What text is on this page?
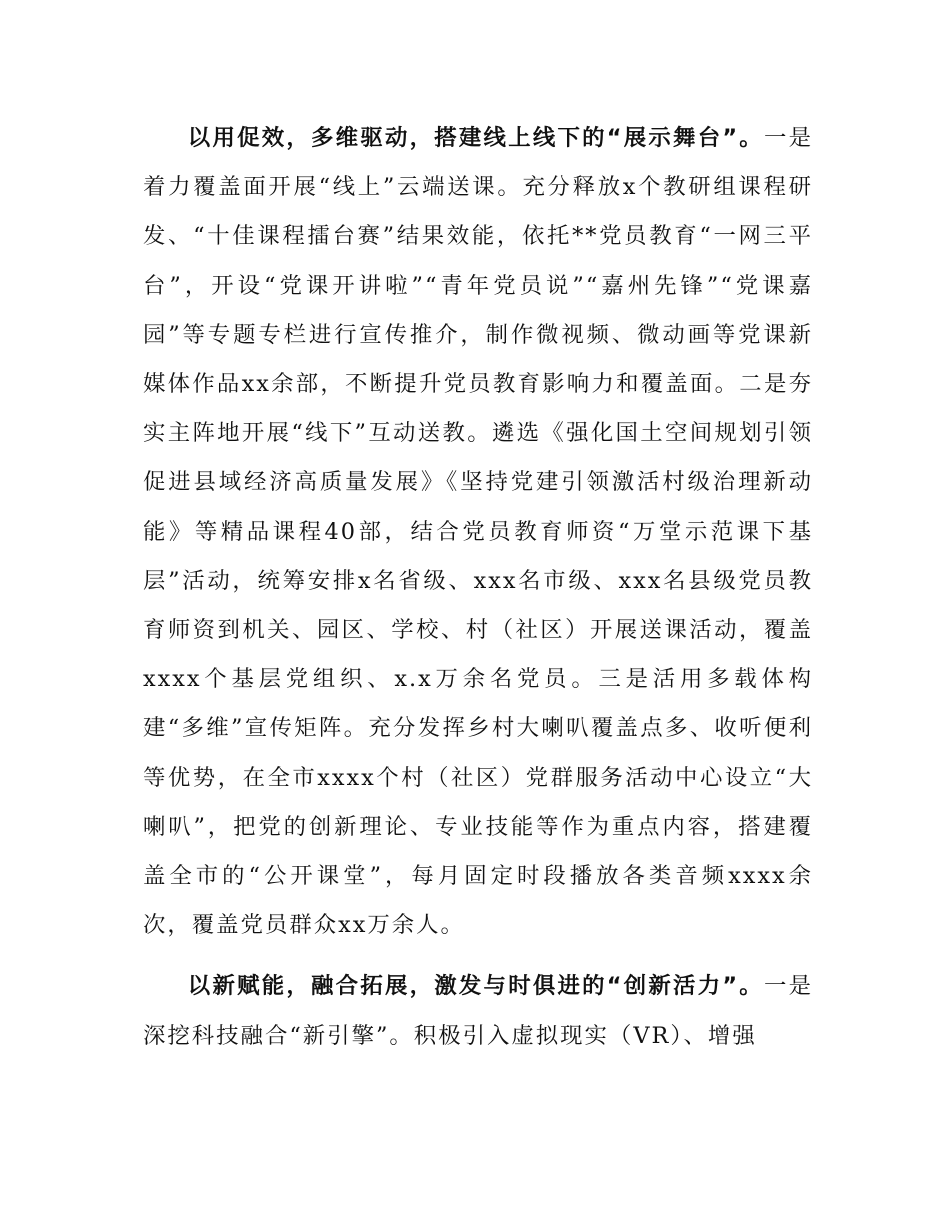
以用促效，多维驱动，搭建线上线下的“展示舞台”。一是着力覆盖面开展“线上”云端送课。充分释放x个教研组课程研发、“十佳课程擂台赛”结果效能，依托**党员教育“一网三平台”，开设“党课开讲啦”“青年党员说”“嘉州先锋”“党课嘉园”等专题专栏进行宣传推介，制作微视频、微动画等党课新媒体作品xx余部，不断提升党员教育影响力和覆盖面。二是夯实主阵地开展“线下”互动送教。遴选《强化国土空间规划引领 促进县域经济高质量发展》《坚持党建引领激活村级治理新动能》等精品课程40部，结合党员教育师资“万堂示范课下基层”活动，统筹安排x名省级、xxx名市级、xxx名县级党员教育师资到机关、园区、学校、村（社区）开展送课活动，覆盖xxxx个基层党组织、x.x万余名党员。三是活用多载体构建“多维”宣传矩阵。充分发挥乡村大喇叭覆盖点多、收听便利等优势，在全市xxxx个村（社区）党群服务活动中心设立“大喇叭”，把党的创新理论、专业技能等作为重点内容，搭建覆盖全市的“公开课堂”，每月固定时段播放各类音频xxxx余次，覆盖党员群众xx万余人。

以新赋能，融合拓展，激发与时俱进的“创新活力”。一是深挖科技融合“新引擎”。积极引入虚拟现实（VR）、增强
